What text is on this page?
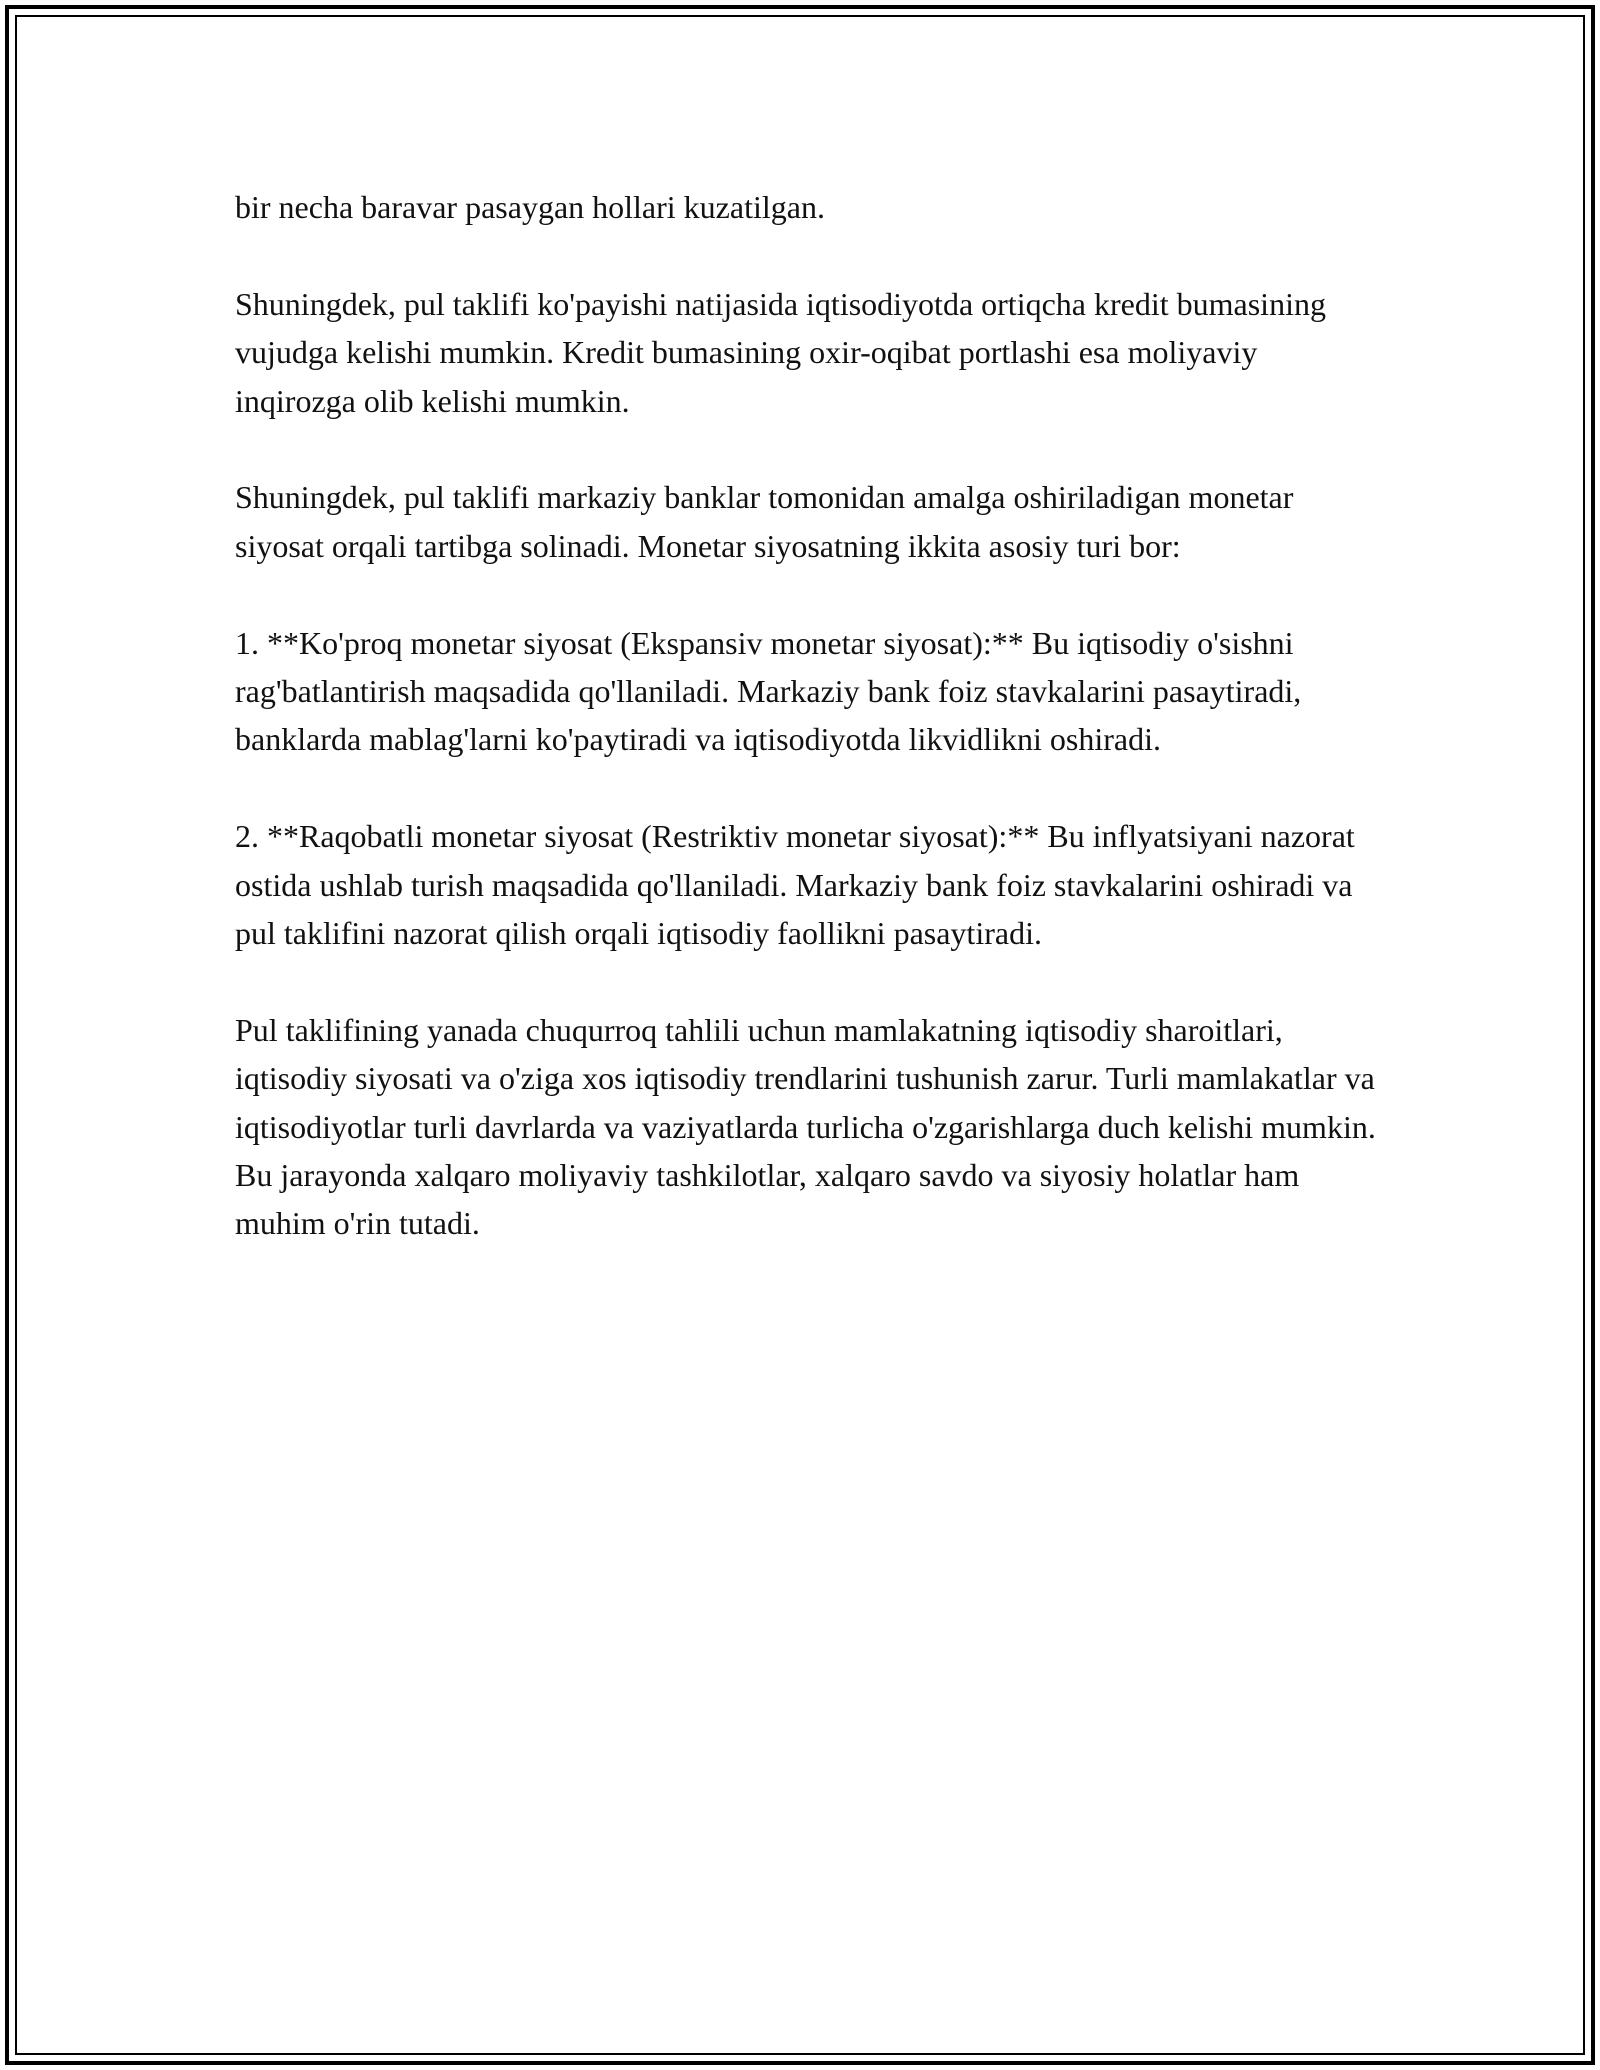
bir necha baravar pasaygan hollari kuzatilgan.

Shuningdek, pul taklifi ko'payishi natijasida iqtisodiyotda ortiqcha kredit bumasining vujudga kelishi mumkin. Kredit bumasining oxir-oqibat portlashi esa moliyaviy inqirozga olib kelishi mumkin.

Shuningdek, pul taklifi markaziy banklar tomonidan amalga oshiriladigan monetar siyosat orqali tartibga solinadi. Monetar siyosatning ikkita asosiy turi bor:

1. **Ko'proq monetar siyosat (Ekspansiv monetar siyosat):** Bu iqtisodiy o'sishni rag'batlantirish maqsadida qo'llaniladi. Markaziy bank foiz stavkalarini pasaytiradi, banklarda mablag'larni ko'paytiradi va iqtisodiyotda likvidlikni oshiradi.

2. **Raqobatli monetar siyosat (Restriktiv monetar siyosat):** Bu inflyatsiyani nazorat ostida ushlab turish maqsadida qo'llaniladi. Markaziy bank foiz stavkalarini oshiradi va pul taklifini nazorat qilish orqali iqtisodiy faollikni pasaytiradi.

Pul taklifining yanada chuqurroq tahlili uchun mamlakatning iqtisodiy sharoitlari, iqtisodiy siyosati va o'ziga xos iqtisodiy trendlarini tushunish zarur. Turli mamlakatlar va iqtisodiyotlar turli davrlarda va vaziyatlarda turlicha o'zgarishlarga duch kelishi mumkin. Bu jarayonda xalqaro moliyaviy tashkilotlar, xalqaro savdo va siyosiy holatlar ham muhim o'rin tutadi.
